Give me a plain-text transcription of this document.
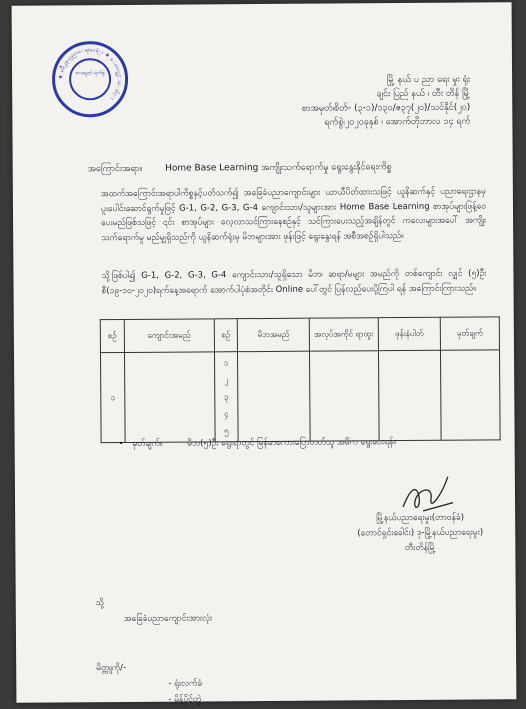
★ ၿမိဳ႕နယ္ပညာေရးမႉးရံုး ★ ေတာင္ရွင္းေခါင္း
စာအမွတ် ရက်စွဲ
မြို့ နယ် ပ ညာ ရေး မှုး ရုံး
ချင်း ပြည် နယ် ၊ တီး တိန် မြို့
စာအမှတ်၊စိတ်- (၃-၁)/၁၃၀/ဧ၃၇(၂၀)/သင်နိုင်(၂၀)
ရက်စွဲ၊၂၀၂၀ခုနှစ် ၊ အောက်တိုဘာလ ၁၄ ရက်
အကြောင်းအရာ။	Home Base Learning အကျိုးသက်ရောက်မှု ရွေးနွေးနိုင်ရေးကိစ္စ
အထက်အကြောင်းအရာပါကိစ္စနှင့်ပတ်သက်၍ အခြေခံပညာကျောင်းများ ယာယီပိတ်ထားသဖြင့် ယူနိဆက်နှင့် ပညာရေးဌာနမှ ပူးပေါင်းဆောင်ရွက်မှုဖြင့် G-1, G-2, G-3, G-4 ကျောင်းသား/သူများအား Home Base Learning စာအုပ်များဖြန့်ဝေပေးမည်ဖြစ်သဖြင့် ၎င်း စာအုပ်များ လေ့လာသင်ကြားနေစဉ်နှင့် သင်ကြားပေးသည့်အချိန်တွင် ကလေးများအပေါ် အကျိုးသက်ရောက်မှု မည်မျှရှိသည်ကို ယူနိဆက်ရုံးမှ မိဘများအား ဖုန်းဖြင့် ရွေးနွေးရန် အစီအစဉ်ရှိပါသည်။
သို့ဖြစ်ပါ၍ G-1, G-2, G-3, G-4 ကျောင်းသား/သူရှိသော မိဘ၊ ဆရာ/မများ အမည်ကို တစ်ကျောင်း လျှင် (၅)ဦးစီ(၁၉-၁၀-၂၀၂၀)ရက်နေ့အရောက် အောက်ပါပုံစံအတိုင်း Online ပေါ်တွင် ပြန်လည်ပေးပို့ကြပါ ရန် အကြောင်းကြားသည်။
စဉ်	ကျောင်းအမည်	စဉ်	မိဘအမည်	အလုပ်အကိုင် ရာထူး	ဖုန်းနံပါတ်	မှတ်ချက်
၁		၁
၂
၃
၄
၅				

• မှတ်ချက်။	မိဘ(၅)ဦး ရွေးရာတွင် မြန်မာစကားပြောတတ်သူ အမိက ရွေးပေးရန်။
မြို့နယ်ပညာရေးမှုး(တာဝန်ခံ)
(တောင်ရှင်းခေါင်း) ဒု-မြို့နယ်ပညာရေးမှုး)
တီးတိန်မြို့
သို့
အခြေခံပညာကျောင်းအားလုံး
မိတ္တူကို/-
- ရုံးလက်ခံ
- မိန့်ပိုင်တွဲ
